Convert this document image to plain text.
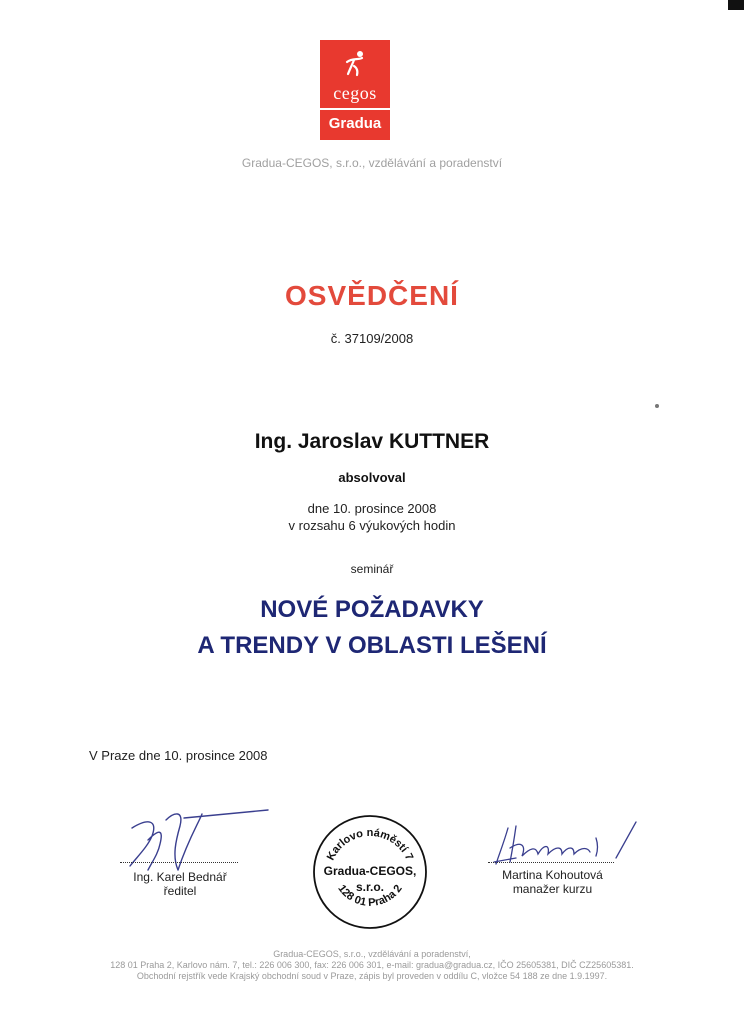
cegos
Gradua
Gradua-CEGOS, s.r.o., vzdělávání a poradenství
OSVĚDČENÍ
č. 37109/2008
Ing. Jaroslav KUTTNER
absolvoval
dne 10. prosince 2008
v rozsahu 6 výukových hodin
seminář
NOVÉ POŽADAVKY
A TRENDY V OBLASTI LEŠENÍ
V Praze dne 10. prosince 2008
Ing. Karel Bednář
ředitel
Karlovo náměstí 7
128 01 Praha 2
Gradua-CEGOS,
s.r.o.
Martina Kohoutová
manažer kurzu
Gradua-CEGOS, s.r.o., vzdělávání a poradenství,
128 01 Praha 2, Karlovo nám. 7, tel.: 226 006 300, fax: 226 006 301, e-mail: gradua@gradua.cz, IČO 25605381, DIČ CZ25605381.
Obchodní rejstřík vede Krajský obchodní soud v Praze, zápis byl proveden v oddílu C, vložce 54 188 ze dne 1.9.1997.
